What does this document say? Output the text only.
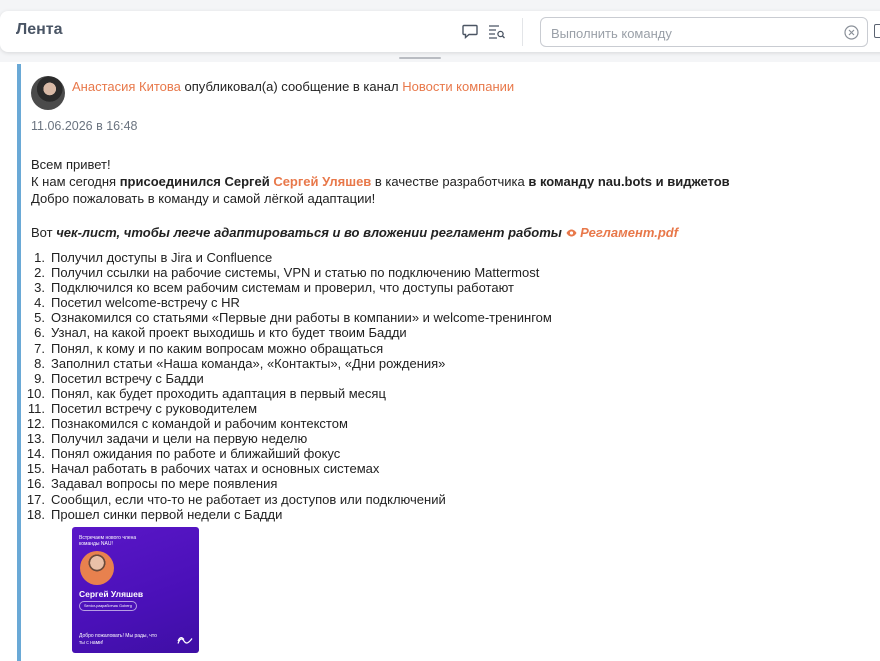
Лента
Выполнить команду
Анастасия Китова опубликовал(а) сообщение в канал Новости компании
11.06.2026 в 16:48

Всем привет!

К нам сегодня присоединился Сергей Сергей Уляшев в качестве разработчика в команду nau.bots и виджетов

Добро пожаловать в команду и самой лёгкой адаптации!

Вот чек-лист, чтобы легче адаптироваться и во вложении регламент работы  Регламент.pdf

1. Получил доступы в Jira и Confluence
2. Получил ссылки на рабочие системы, VPN и статью по подключению Mattermost
3. Подключился ко всем рабочим системам и проверил, что доступы работают
4. Посетил welcome-встречу с HR
5. Ознакомился со статьями «Первые дни работы в компании» и welcome-тренингом
6. Узнал, на какой проект выходишь и кто будет твоим Бадди
7. Понял, к кому и по каким вопросам можно обращаться
8. Заполнил статьи «Наша команда», «Контакты», «Дни рождения»
9. Посетил встречу с Бадди
10. Понял, как будет проходить адаптация в первый месяц
11. Посетил встречу с руководителем
12. Познакомился с командой и рабочим контекстом
13. Получил задачи и цели на первую неделю
14. Понял ожидания по работе и ближайший фокус
15. Начал работать в рабочих чатах и основных системах
16. Задавал вопросы по мере появления
17. Сообщил, если что-то не работает из доступов или подключений
18. Прошел синки первой недели с Бадди
Встречаем нового члена команды NAU!
Сергей Уляшев
Senior-разработчик Goberg
Добро пожаловать! Мы рады, что ты с нами!
